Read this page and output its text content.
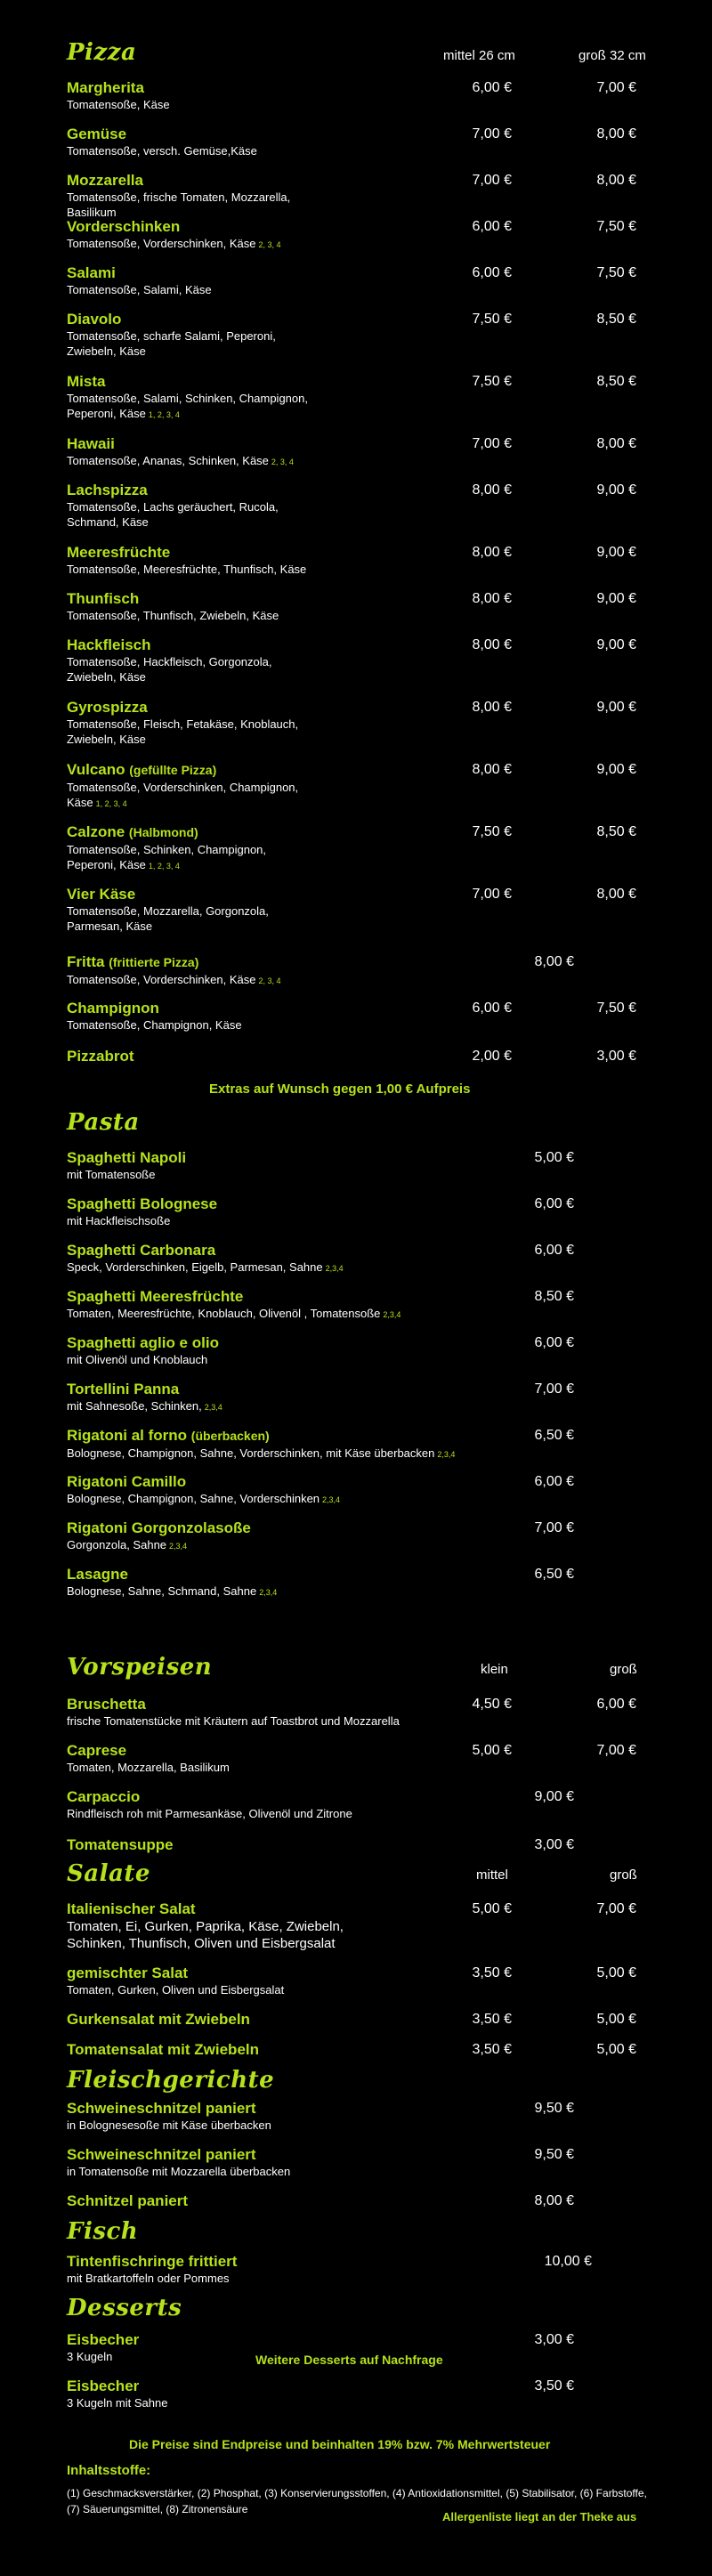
Pizza	mittel 26 cm	groß 32 cm
Margherita
Tomatensoße, Käse
6,00 €	7,00 €
Gemüse
Tomatensoße, versch. Gemüse,Käse
7,00 €	8,00 €
Mozzarella
Tomatensoße, frische Tomaten, Mozzarella, Basilikum
7,00 €	8,00 €
Vorderschinken
Tomatensoße, Vorderschinken, Käse 2, 3, 4
6,00 €	7,50 €
Salami
Tomatensoße, Salami, Käse
6,00 €	7,50 €
Diavolo
Tomatensoße, scharfe Salami, Peperoni, Zwiebeln, Käse
7,50 €	8,50 €
Mista
Tomatensoße, Salami, Schinken, Champignon, Peperoni, Käse 1, 2, 3, 4
7,50 €	8,50 €
Hawaii
Tomatensoße, Ananas, Schinken, Käse 2, 3, 4
7,00 €	8,00 €
Lachspizza
Tomatensoße, Lachs geräuchert, Rucola, Schmand, Käse
8,00 €	9,00 €
Meeresfrüchte
Tomatensoße, Meeresfrüchte, Thunfisch, Käse
8,00 €	9,00 €
Thunfisch
Tomatensoße, Thunfisch, Zwiebeln, Käse
8,00 €	9,00 €
Hackfleisch
Tomatensoße, Hackfleisch, Gorgonzola, Zwiebeln, Käse
8,00 €	9,00 €
Gyrospizza
Tomatensoße, Fleisch, Fetakäse, Knoblauch, Zwiebeln, Käse
8,00 €	9,00 €
Vulcano (gefüllte Pizza)
Tomatensoße, Vorderschinken, Champignon, Käse 1, 2, 3, 4
8,00 €	9,00 €
Calzone (Halbmond)
Tomatensoße, Schinken, Champignon, Peperoni, Käse 1, 2, 3, 4
7,50 €	8,50 €
Vier Käse
Tomatensoße, Mozzarella, Gorgonzola, Parmesan, Käse
7,00 €	8,00 €
Fritta (frittierte Pizza)
Tomatensoße, Vorderschinken, Käse 2, 3, 4
8,00 €
Champignon
Tomatensoße, Champignon, Käse
6,00 €	7,50 €
Pizzabrot	2,00 €	3,00 €
Extras auf Wunsch gegen 1,00 € Aufpreis
Pasta
Spaghetti Napoli
mit Tomatensoße
5,00 €
Spaghetti Bolognese
mit Hackfleischsoße
6,00 €
Spaghetti Carbonara
Speck, Vorderschinken, Eigelb, Parmesan, Sahne 2,3,4
6,00 €
Spaghetti Meeresfrüchte
Tomaten, Meeresfrüchte, Knoblauch, Olivenöl , Tomatensoße 2,3,4
8,50 €
Spaghetti aglio e olio
mit Olivenöl und Knoblauch
6,00 €
Tortellini Panna
mit Sahnesoße, Schinken, 2,3,4
7,00 €
Rigatoni al forno (überbacken)
Bolognese, Champignon, Sahne, Vorderschinken, mit Käse überbacken 2,3,4
6,50 €
Rigatoni Camillo
Bolognese, Champignon, Sahne, Vorderschinken 2,3,4
6,00 €
Rigatoni Gorgonzolasoße
Gorgonzola, Sahne 2,3,4
7,00 €
Lasagne
Bolognese, Sahne, Schmand, Sahne 2,3,4
6,50 €
Vorspeisen	klein	groß
Bruschetta
frische Tomatenstücke mit Kräutern auf Toastbrot und Mozzarella
4,50 €	6,00 €
Caprese
Tomaten, Mozzarella, Basilikum
5,00 €	7,00 €
Carpaccio
Rindfleisch roh mit Parmesankäse, Olivenöl und Zitrone
9,00 €
Tomatensuppe	3,00 €
Salate	mittel	groß
Italienischer Salat
Tomaten, Ei, Gurken, Paprika, Käse, Zwiebeln, Schinken, Thunfisch, Oliven und Eisbergsalat
5,00 €	7,00 €
gemischter Salat
Tomaten, Gurken, Oliven und Eisbergsalat
3,50 €	5,00 €
Gurkensalat mit Zwiebeln	3,50 €	5,00 €
Tomatensalat mit Zwiebeln	3,50 €	5,00 €
Fleischgerichte
Schweineschnitzel paniert
in Bolognesesoße mit Käse überbacken
9,50 €
Schweineschnitzel paniert
in Tomatensoße mit Mozzarella überbacken
9,50 €
Schnitzel paniert	8,00 €
Fisch
Tintenfischringe frittiert
mit Bratkartoffeln oder Pommes
10,00 €
Desserts
Eisbecher
3 Kugeln
3,00 €
Eisbecher
3 Kugeln mit Sahne
3,50 €
Weitere Desserts auf Nachfrage
Die Preise sind Endpreise und beinhalten 19% bzw. 7% Mehrwertsteuer
Inhaltsstoffe:
(1) Geschmacksverstärker, (2) Phosphat, (3) Konservierungsstoffen, (4) Antioxidationsmittel, (5) Stabilisator, (6) Farbstoffe,
(7) Säuerungsmittel, (8) Zitronensäure
Allergenliste liegt an der Theke aus
